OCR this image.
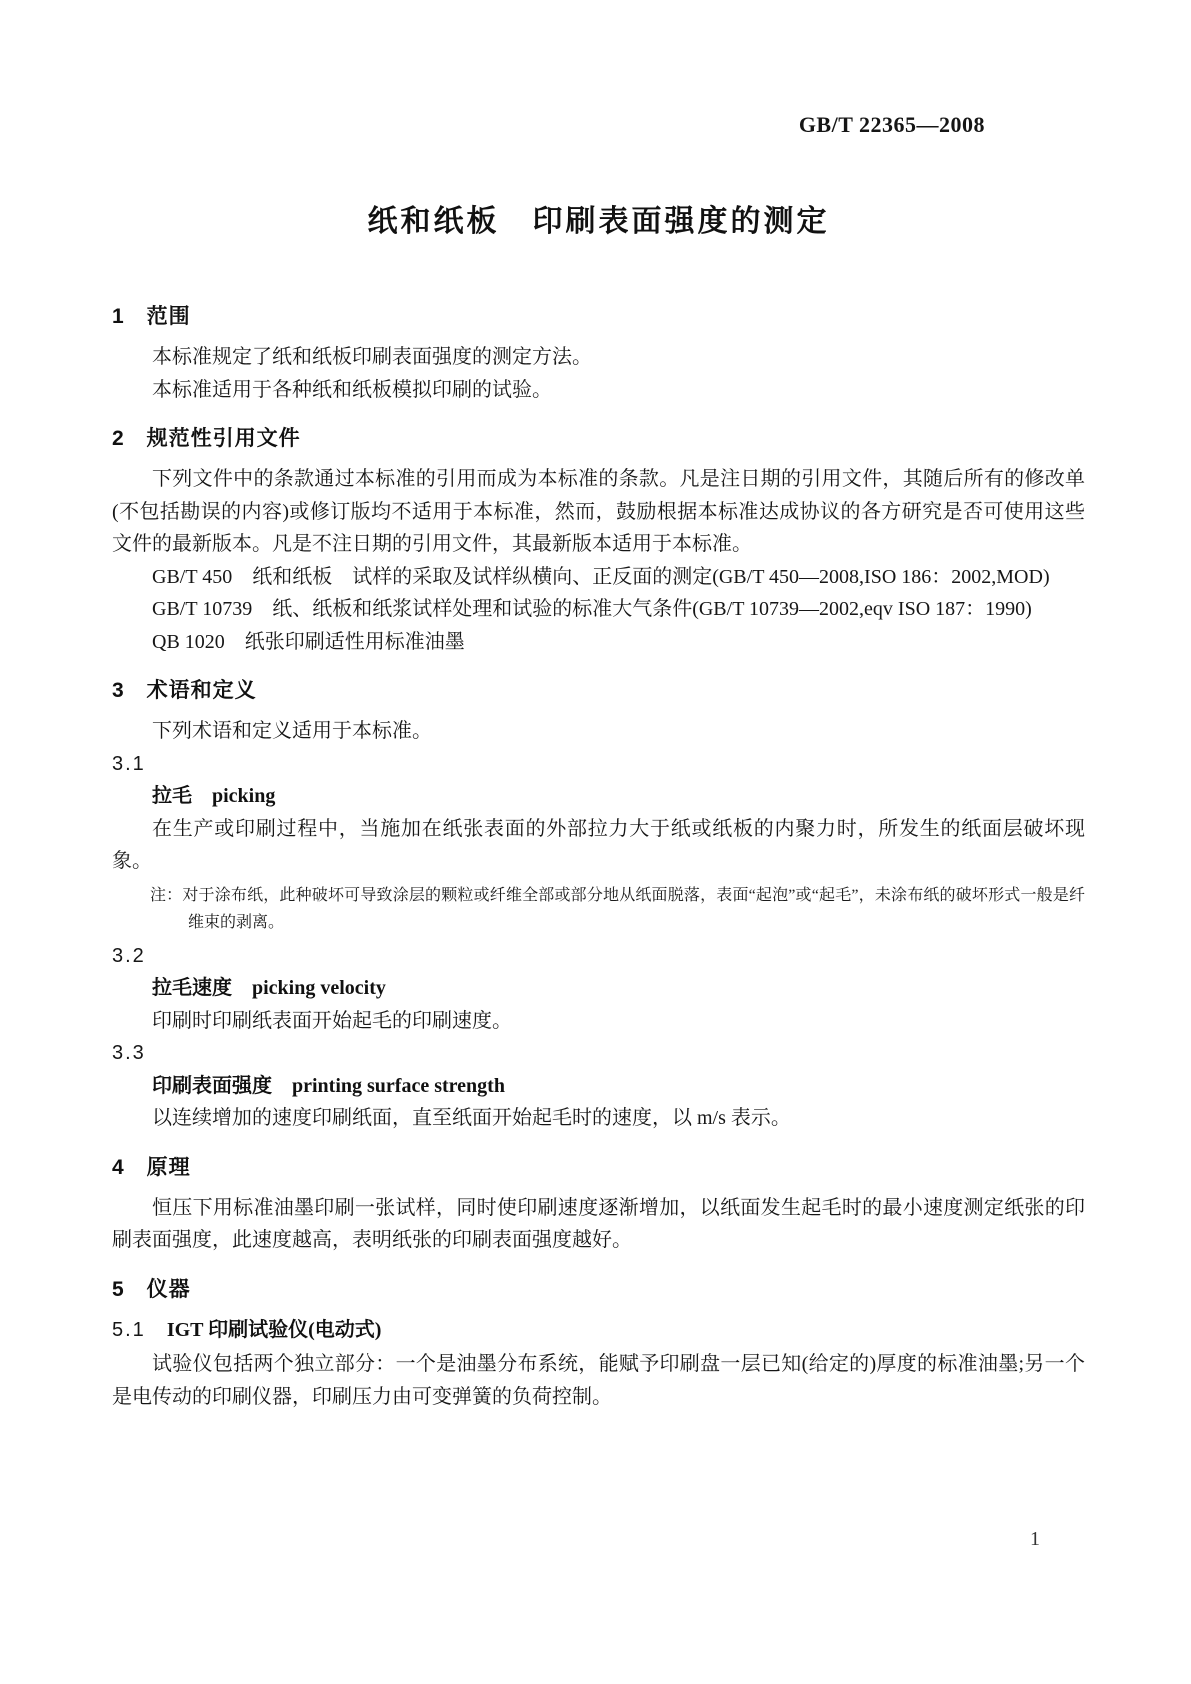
GB/T 22365—2008
纸和纸板　印刷表面强度的测定
1　范围

本标准规定了纸和纸板印刷表面强度的测定方法。

本标准适用于各种纸和纸板模拟印刷的试验。

2　规范性引用文件

下列文件中的条款通过本标准的引用而成为本标准的条款。凡是注日期的引用文件，其随后所有的修改单(不包括勘误的内容)或修订版均不适用于本标准，然而，鼓励根据本标准达成协议的各方研究是否可使用这些文件的最新版本。凡是不注日期的引用文件，其最新版本适用于本标准。

GB/T 450　纸和纸板　试样的采取及试样纵横向、正反面的测定(GB/T 450—2008,ISO 186：2002,MOD)

GB/T 10739　纸、纸板和纸浆试样处理和试验的标准大气条件(GB/T 10739—2002,eqv ISO 187：1990)

QB 1020　纸张印刷适性用标准油墨

3　术语和定义

下列术语和定义适用于本标准。

3.1
拉毛　picking

在生产或印刷过程中，当施加在纸张表面的外部拉力大于纸或纸板的内聚力时，所发生的纸面层破坏现象。

注：对于涂布纸，此种破坏可导致涂层的颗粒或纤维全部或部分地从纸面脱落，表面“起泡”或“起毛”，未涂布纸的破坏形式一般是纤维束的剥离。

3.2
拉毛速度　picking velocity

印刷时印刷纸表面开始起毛的印刷速度。

3.3
印刷表面强度　printing surface strength

以连续增加的速度印刷纸面，直至纸面开始起毛时的速度，以 m/s 表示。

4　原理

恒压下用标准油墨印刷一张试样，同时使印刷速度逐渐增加，以纸面发生起毛时的最小速度测定纸张的印刷表面强度，此速度越高，表明纸张的印刷表面强度越好。

5　仪器
5.1 IGT 印刷试验仪(电动式)

试验仪包括两个独立部分：一个是油墨分布系统，能赋予印刷盘一层已知(给定的)厚度的标准油墨;另一个是电传动的印刷仪器，印刷压力由可变弹簧的负荷控制。

1
